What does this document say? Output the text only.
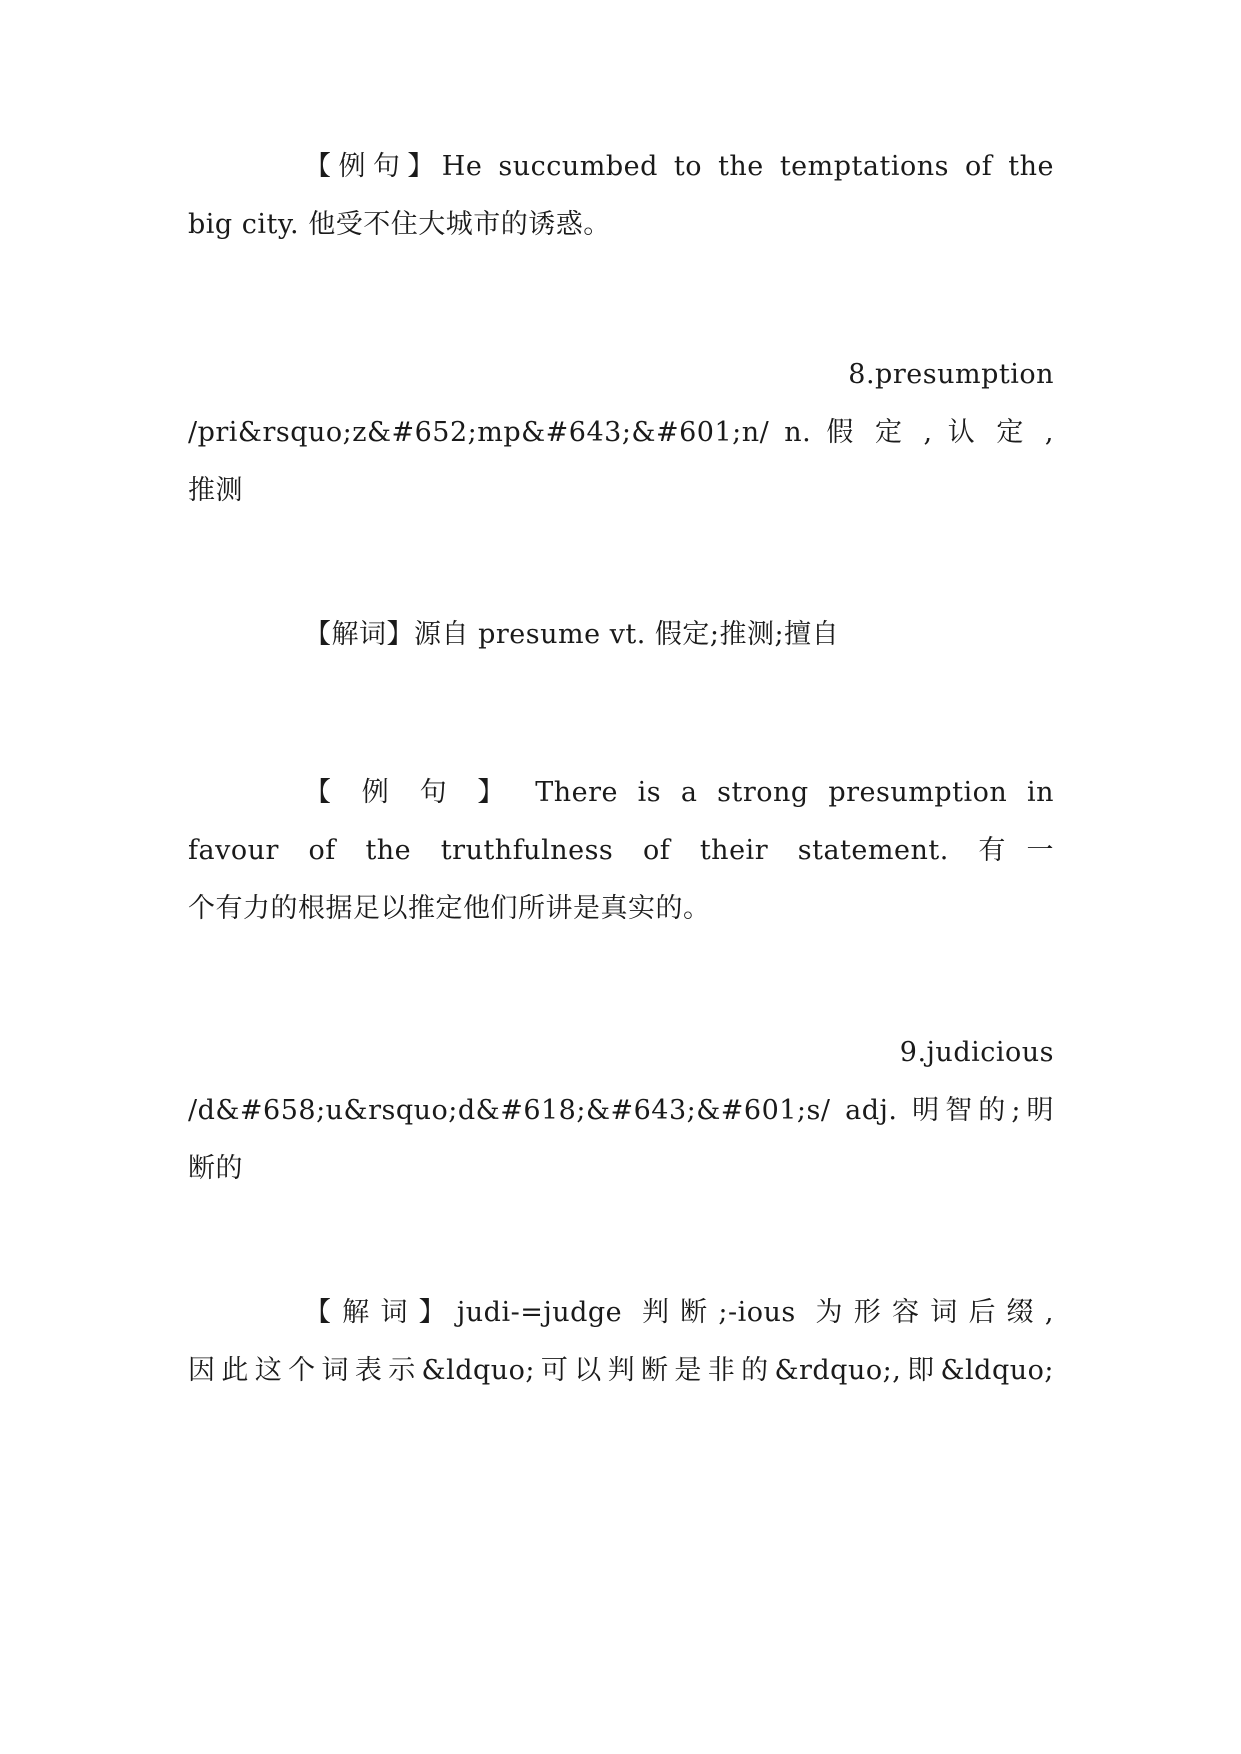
【例句】He succumbed to the temptations of the
big city. 他受不住大城市的诱惑。
8.presumption
/pri&rsquo;z&#652;mp&#643;&#601;n/ n. 假 定 , 认 定 ,
推测
【解词】源自 presume vt. 假定;推测;擅自
【 例 句 】 There is a strong presumption in
favour of the truthfulness of their statement. 有一
个有力的根据足以推定他们所讲是真实的。
9.judicious
/d&#658;u&rsquo;d&#618;&#643;&#601;s/ adj. 明智的;明
断的
【解词】judi-=judge 判断;-ious 为形容词后缀,
因此这个词表示&ldquo;可以判断是非的&rdquo;,即&ldquo;
